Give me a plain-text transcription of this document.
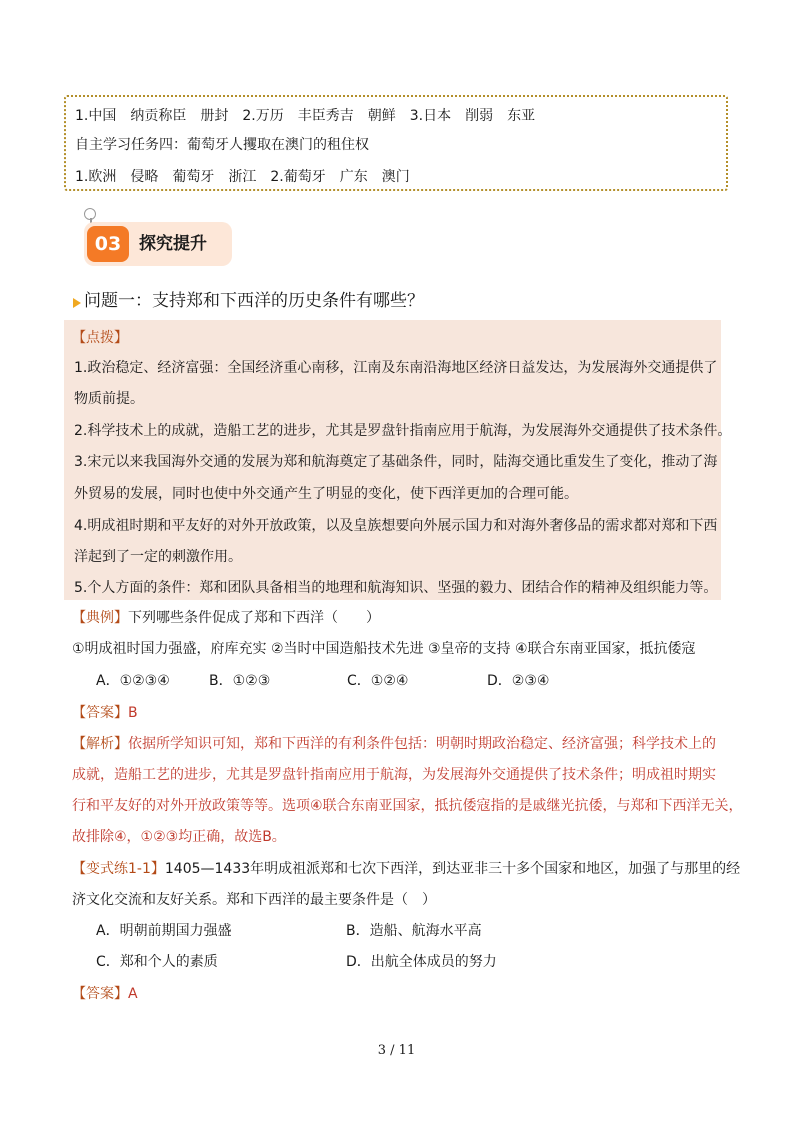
1.中国　纳贡称臣　册封　2.万历　丰臣秀吉　朝鲜　3.日本　削弱　东亚
自主学习任务四：葡萄牙人攫取在澳门的租住权
1.欧洲　侵略　葡萄牙　浙江　2.葡萄牙　广东　澳门
03	探究提升
问题一：支持郑和下西洋的历史条件有哪些？
【点拨】
1.政治稳定、经济富强：全国经济重心南移，江南及东南沿海地区经济日益发达，为发展海外交通提供了
物质前提。
2.科学技术上的成就，造船工艺的进步，尤其是罗盘针指南应用于航海，为发展海外交通提供了技术条件。
3.宋元以来我国海外交通的发展为郑和航海奠定了基础条件，同时，陆海交通比重发生了变化，推动了海
外贸易的发展，同时也使中外交通产生了明显的变化，使下西洋更加的合理可能。
4.明成祖时期和平友好的对外开放政策，以及皇族想要向外展示国力和对海外奢侈品的需求都对郑和下西
洋起到了一定的刺激作用。
5.个人方面的条件：郑和团队具备相当的地理和航海知识、坚强的毅力、团结合作的精神及组织能力等。
【典例】下列哪些条件促成了郑和下西洋（　　）
①明成祖时国力强盛，府库充实 ②当时中国造船技术先进 ③皇帝的支持 ④联合东南亚国家，抵抗倭寇
A．①②③④	B．①②③	C．①②④	D．②③④
【答案】B
【解析】依据所学知识可知，郑和下西洋的有利条件包括：明朝时期政治稳定、经济富强；科学技术上的
成就，造船工艺的进步，尤其是罗盘针指南应用于航海，为发展海外交通提供了技术条件；明成祖时期实
行和平友好的对外开放政策等等。选项④联合东南亚国家，抵抗倭寇指的是戚继光抗倭，与郑和下西洋无关，
故排除④，①②③均正确，故选B。
【变式练1-1】1405—1433年明成祖派郑和七次下西洋，到达亚非三十多个国家和地区，加强了与那里的经
济文化交流和友好关系。郑和下西洋的最主要条件是（　）
A．明朝前期国力强盛	B．造船、航海水平高
C．郑和个人的素质	D．出航全体成员的努力
【答案】A
3 / 11
